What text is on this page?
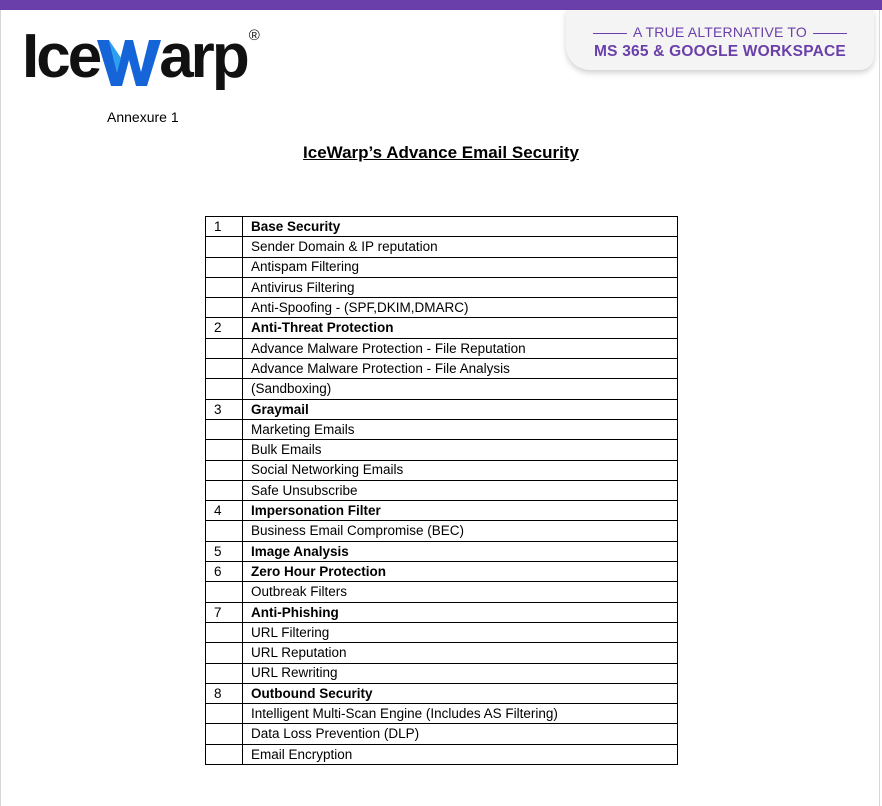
Ice arp ®	A TRUE ALTERNATIVE TO
MS 365 & GOOGLE WORKSPACE
Annexure 1
IceWarp’s Advance Email Security
1	Base Security
	Sender Domain & IP reputation
	Antispam Filtering
	Antivirus Filtering
	Anti-Spoofing - (SPF,DKIM,DMARC)
2	Anti-Threat Protection
	Advance Malware Protection - File Reputation
	Advance Malware Protection - File Analysis
	(Sandboxing)
3	Graymail
	Marketing Emails
	Bulk Emails
	Social Networking Emails
	Safe Unsubscribe
4	Impersonation Filter
	Business Email Compromise (BEC)
5	Image Analysis
6	Zero Hour Protection
	Outbreak Filters
7	Anti-Phishing
	URL Filtering
	URL Reputation
	URL Rewriting
8	Outbound Security
	Intelligent Multi-Scan Engine (Includes AS Filtering)
	Data Loss Prevention (DLP)
	Email Encryption
